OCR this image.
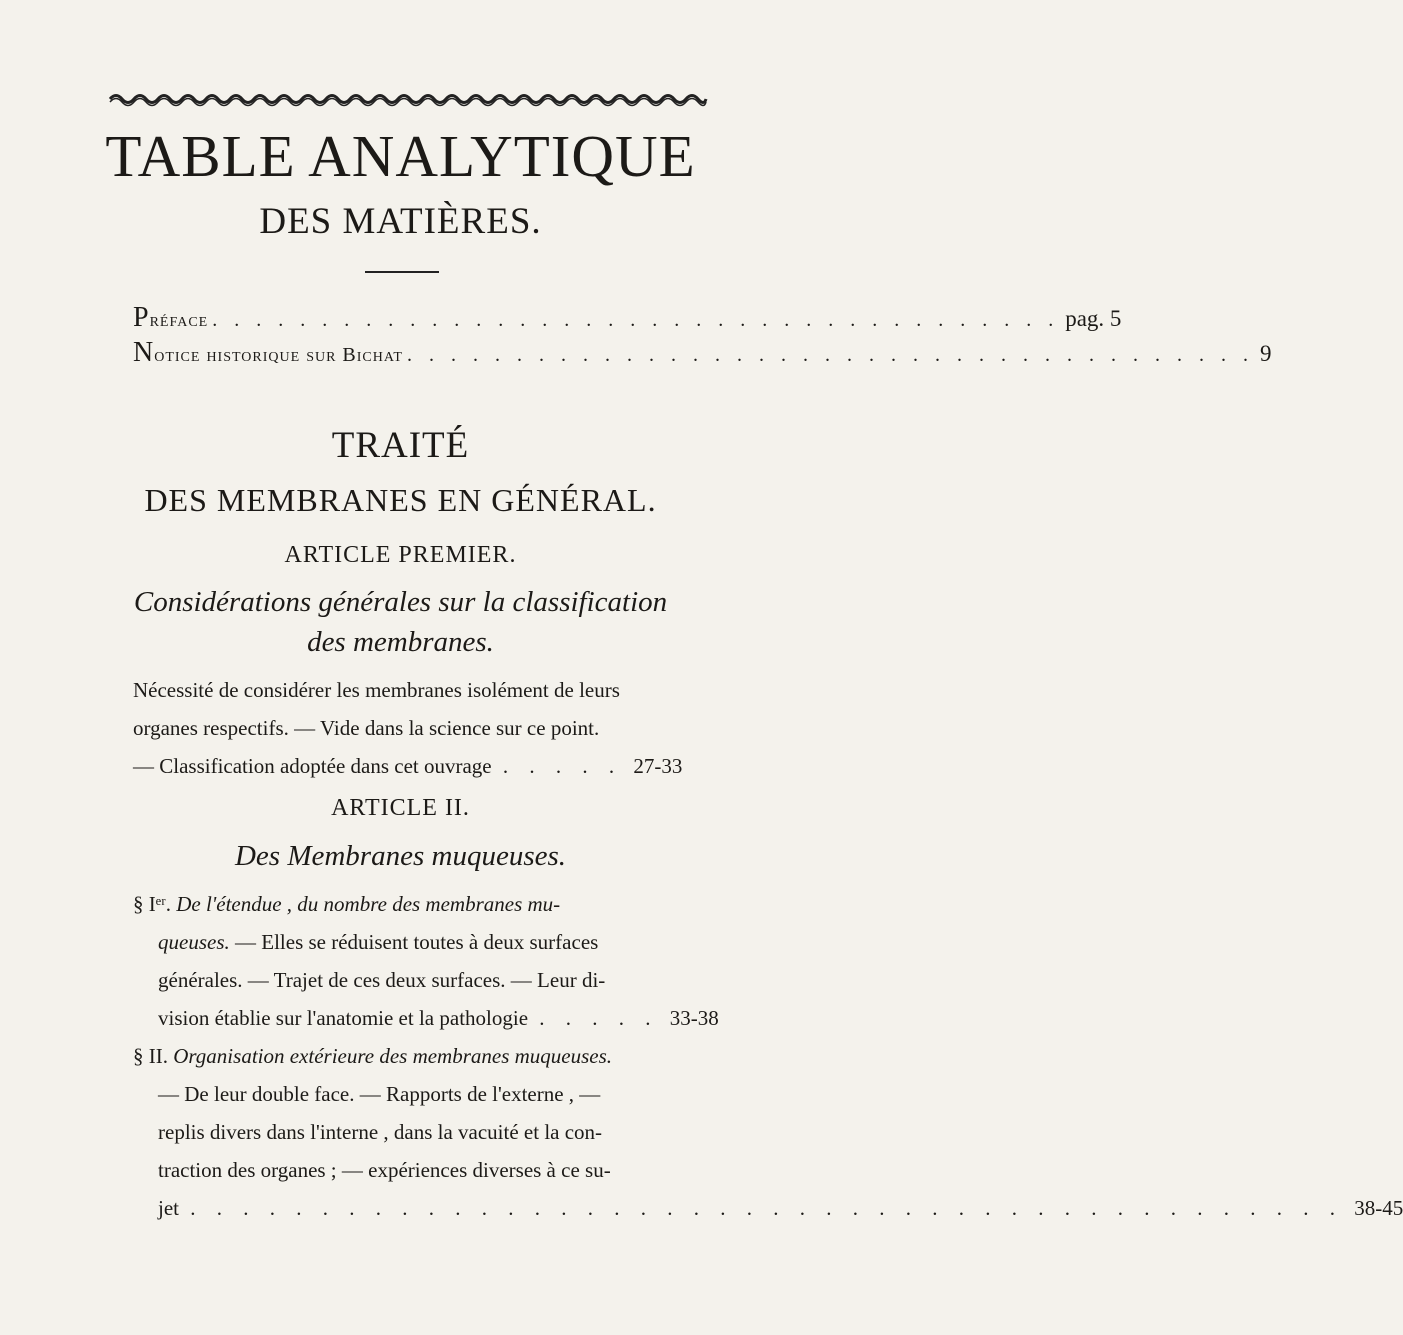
TABLE ANALYTIQUE
DES MATIÈRES.
Préface . . . . . . . . . . . . . . . . . . . . . . . . . . . . . . . . . . . . . . . pag. 5
Notice historique sur Bichat . . . . . . . . . . . . . . . . . . . . . . . . . . . . . . . . . . . . . . . 9
TRAITÉ
DES MEMBRANES EN GÉNÉRAL.
ARTICLE PREMIER.
Considérations générales sur la classification
des membranes.
Nécessité de considérer les membranes isolément de leurs
organes respectifs. — Vide dans la science sur ce point.
— Classification adoptée dans cet ouvrage . . . . . 27-33
ARTICLE II.
Des Membranes muqueuses.
§ Iᵉʳ. De l'étendue , du nombre des membranes mu-
queuses. — Elles se réduisent toutes à deux surfaces
générales. — Trajet de ces deux surfaces. — Leur di-
vision établie sur l'anatomie et la pathologie . . . . . 33-38
§ II. Organisation extérieure des membranes muqueuses.
— De leur double face. — Rapports de l'externe , —
replis divers dans l'interne , dans la vacuité et la con-
traction des organes ; — expériences diverses à ce su-
jet . . . . . . . . . . . . . . . . . . . . . . . . . . . . . . . . . . . . . . . . . . . . 38-45
